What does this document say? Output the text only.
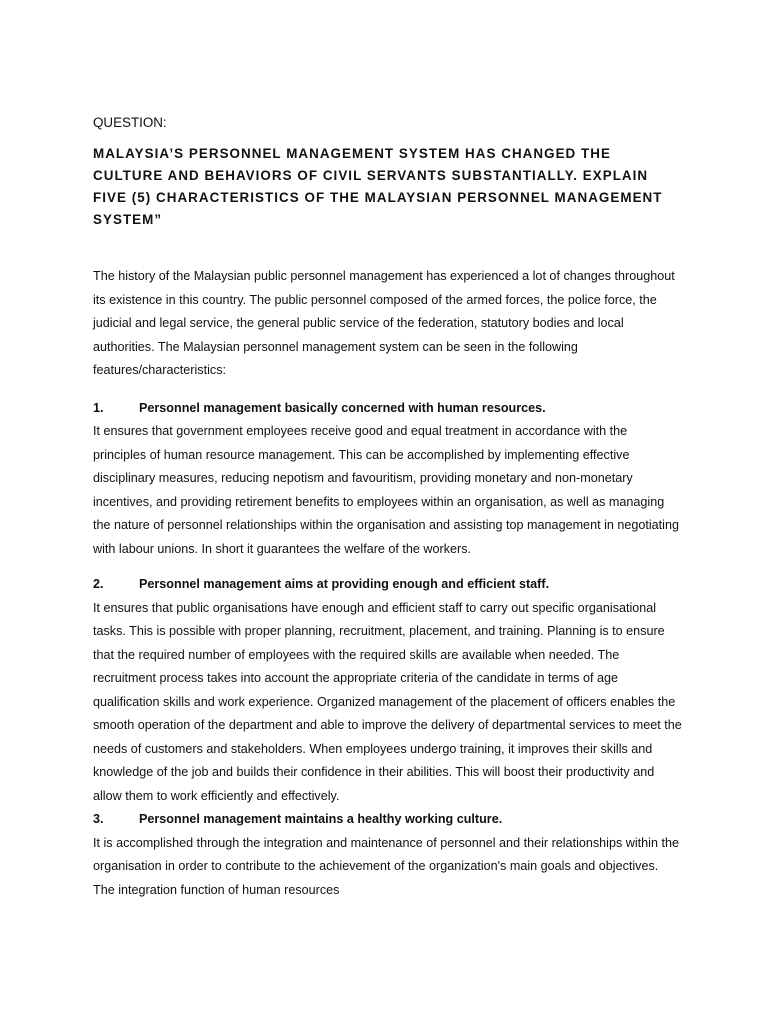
QUESTION:
MALAYSIA’S PERSONNEL MANAGEMENT SYSTEM HAS CHANGED THE CULTURE AND BEHAVIORS OF CIVIL SERVANTS SUBSTANTIALLY. EXPLAIN FIVE (5) CHARACTERISTICS OF THE MALAYSIAN PERSONNEL MANAGEMENT SYSTEM”

The history of the Malaysian public personnel management has experienced a lot of changes throughout its existence in this country. The public personnel composed of the armed forces, the police force, the judicial and legal service, the general public service of the federation, statutory bodies and local authorities. The Malaysian personnel management system can be seen in the following features/characteristics:

1.	Personnel management basically concerned with human resources.
It ensures that government employees receive good and equal treatment in accordance with the principles of human resource management. This can be accomplished by implementing effective disciplinary measures, reducing nepotism and favouritism, providing monetary and non-monetary incentives, and providing retirement benefits to employees within an organisation, as well as managing the nature of personnel relationships within the organisation and assisting top management in negotiating with labour unions. In short it guarantees the welfare of the workers.
2.	Personnel management aims at providing enough and efficient staff.
It ensures that public organisations have enough and efficient staff to carry out specific organisational tasks. This is possible with proper planning, recruitment, placement, and training. Planning is to ensure that the required number of employees with the required skills are available when needed. The recruitment process takes into account the appropriate criteria of the candidate in terms of age qualification skills and work experience. Organized management of the placement of officers enables the smooth operation of the department and able to improve the delivery of departmental services to meet the needs of customers and stakeholders. When employees undergo training, it improves their skills and knowledge of the job and builds their confidence in their abilities. This will boost their productivity and allow them to work efficiently and effectively.
3.	Personnel management maintains a healthy working culture.
It is accomplished through the integration and maintenance of personnel and their relationships within the organisation in order to contribute to the achievement of the organization's main goals and objectives. The integration function of human resources
